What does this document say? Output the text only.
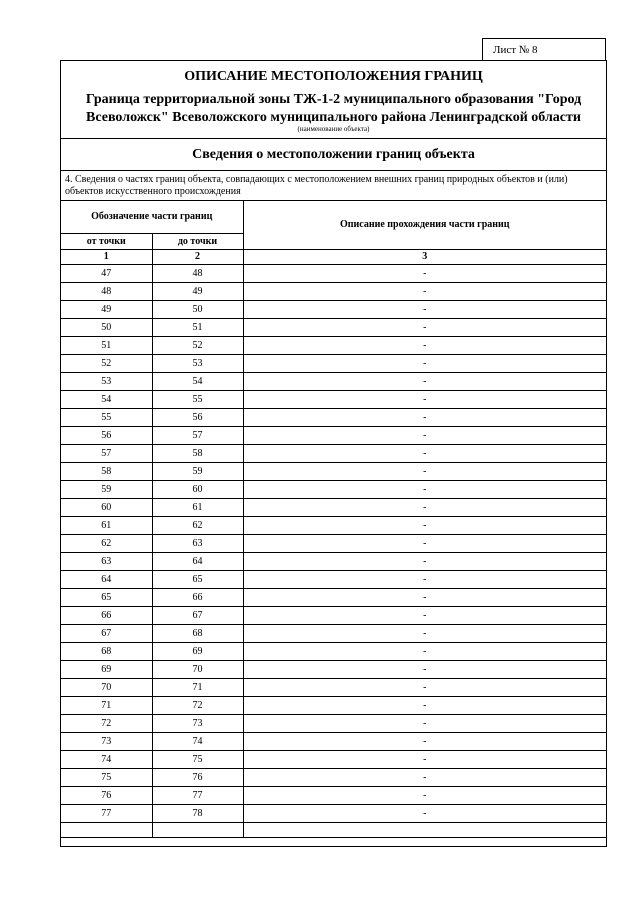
Лист № 8
ОПИСАНИЕ МЕСТОПОЛОЖЕНИЯ ГРАНИЦ
Граница территориальной зоны ТЖ-1-2 муниципального образования "Город Всеволожск" Всеволожского муниципального района Ленинградской области
(наименование объекта)
Сведения о местоположении границ объекта
4. Сведения о частях границ объекта, совпадающих с местоположением внешних границ природных объектов и (или) объектов искусственного происхождения
Обозначение части границ		Описание прохождения части границ
от точки	до точки	
1	2	3
47	48	-
48	49	-
49	50	-
50	51	-
51	52	-
52	53	-
53	54	-
54	55	-
55	56	-
56	57	-
57	58	-
58	59	-
59	60	-
60	61	-
61	62	-
62	63	-
63	64	-
64	65	-
65	66	-
66	67	-
67	68	-
68	69	-
69	70	-
70	71	-
71	72	-
72	73	-
73	74	-
74	75	-
75	76	-
76	77	-
77	78	-
